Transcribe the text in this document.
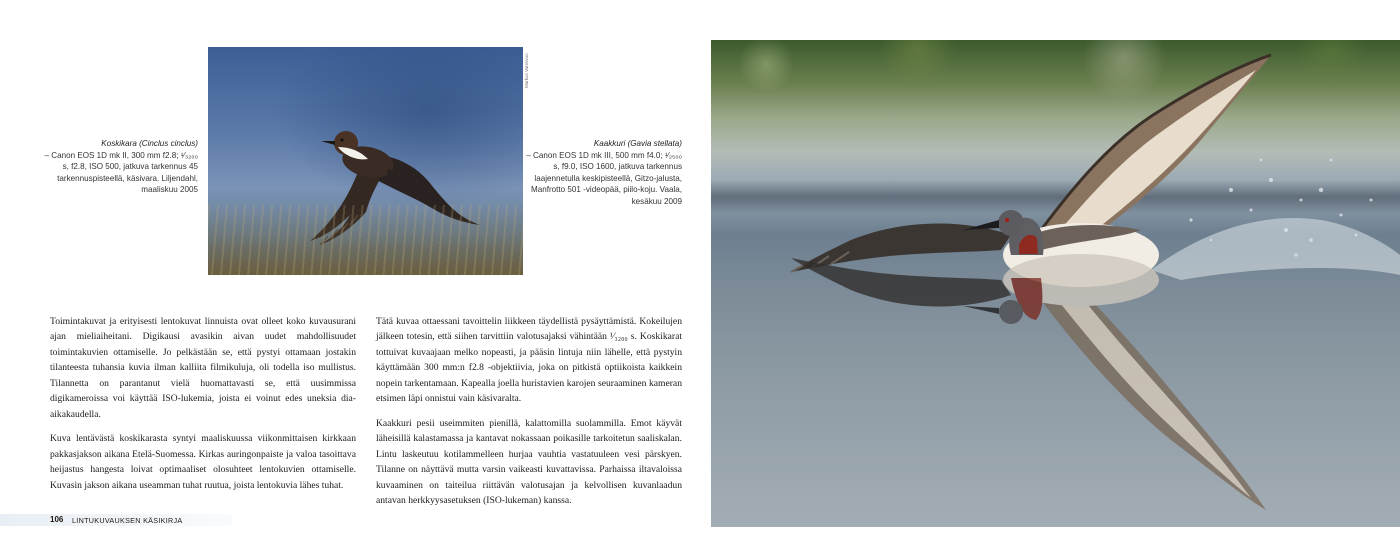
Markus Varesvuo
Koskikara (Cinclus cinclus)
– Canon EOS 1D mk II, 300 mm f2.8; ¹⁄₃₂₀₀ s, f2.8, ISO 500, jatkuva tarkennus 45 tarkennuspisteellä, käsivara. Liljendahl, maaliskuu 2005
Kaakkuri (Gavia stellata)
– Canon EOS 1D mk III, 500 mm f4.0; ¹⁄₂₅₀₀ s, f9.0, ISO 1600, jatkuva tarkennus laajennetulla keskipisteellä, Gitzo-jalusta, Manfrotto 501 -videopää, piilo-koju. Vaala, kesäkuu 2009

Toimintakuvat ja erityisesti lentokuvat linnuista ovat olleet koko kuvausurani ajan mieliaiheitani. Digikausi avasikin aivan uudet mahdollisuudet toimintakuvien ottamiselle. Jo pelkästään se, että pystyi ottamaan jostakin tilanteesta tuhansia kuvia ilman kalliita filmikuluja, oli todella iso mullistus. Tilannetta on parantanut vielä huomattavasti se, että uusimmissa digikameroissa voi käyttää ISO-lukemia, joista ei voinut edes uneksia dia-aikakaudella.

Kuva lentävästä koskikarasta syntyi maaliskuussa viikonmittaisen kirkkaan pakkasjakson aikana Etelä-Suomessa. Kirkas auringonpaiste ja valoa tasoittava heijastus hangesta loivat optimaaliset olosuhteet lentokuvien ottamiselle. Kuvasin jakson aikana useamman tuhat ruutua, joista lentokuvia lähes tuhat.

Tätä kuvaa ottaessani tavoittelin liikkeen täydellistä pysäyttämistä. Kokeilujen jälkeen totesin, että siihen tarvittiin valotusajaksi vähintään ¹⁄₃₂₀₀ s. Koskikarat tottuivat kuvaajaan melko nopeasti, ja pääsin lintuja niin lähelle, että pystyin käyttämään 300 mm:n f2.8 -objektiivia, joka on pitkistä optiikoista kaikkein nopein tarkentamaan. Kapealla joella huristavien karojen seuraaminen kameran etsimen läpi onnistui vain käsivaralta.

Kaakkuri pesii useimmiten pienillä, kalattomilla suolammilla. Emot käyvät läheisillä kalastamassa ja kantavat nokassaan poikasille tarkoitetun saaliskalan. Lintu laskeutuu kotilammelleen hurjaa vauhtia vastatuuleen vesi pärskyen. Tilanne on näyttävä mutta varsin vaikeasti kuvattavissa. Parhaissa iltavaloissa kuvaaminen on taiteilua riittävän valotusajan ja kelvollisen kuvanlaadun antavan herkkyysasetuksen (ISO-lukeman) kanssa.

106 LINTUKUVAUKSEN KÄSIKIRJA
